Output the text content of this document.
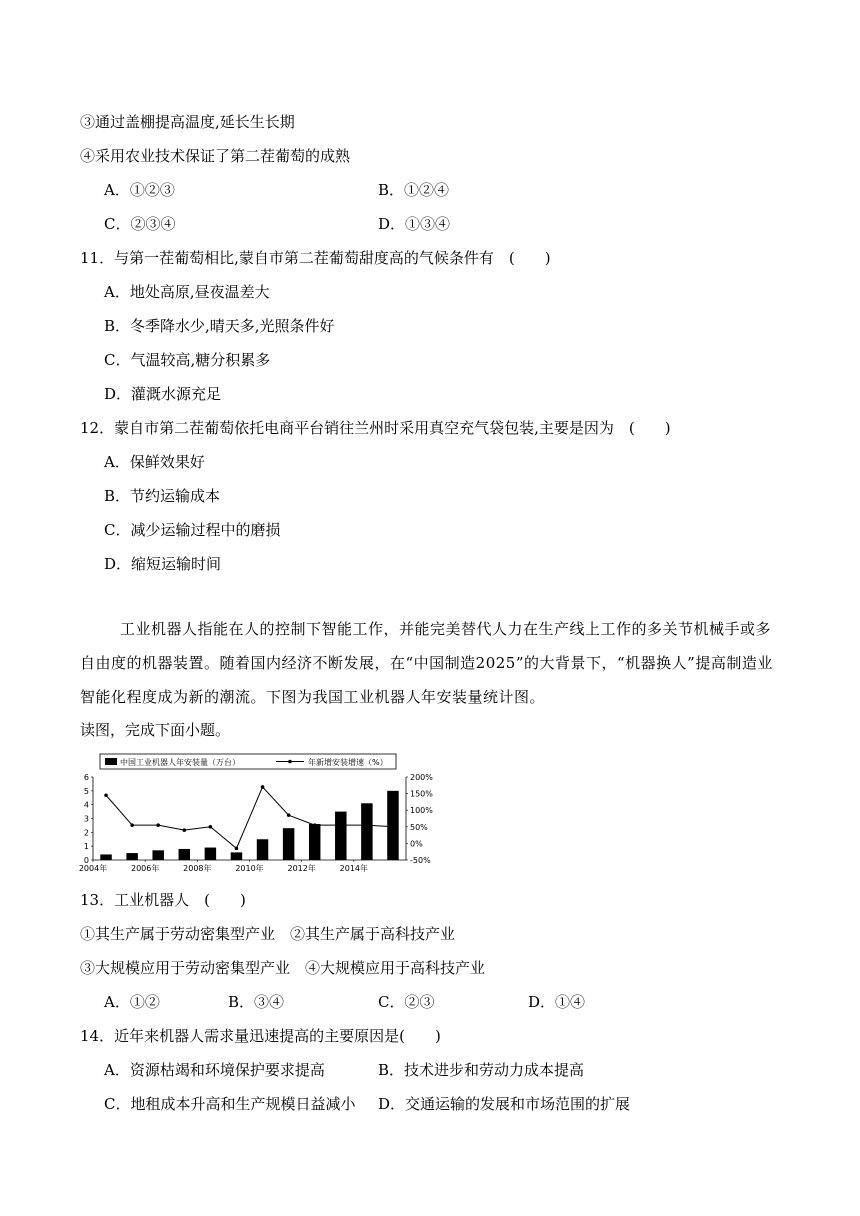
③通过盖棚提高温度,延长生长期
④采用农业技术保证了第二茬葡萄的成熟
A．①②③	B．①②④
C．②③④	D．①③④
11．与第一茬葡萄相比,蒙自市第二茬葡萄甜度高的气候条件有　(　　)
A．地处高原,昼夜温差大
B．冬季降水少,晴天多,光照条件好
C．气温较高,糖分积累多
D．灌溉水源充足
12．蒙自市第二茬葡萄依托电商平台销往兰州时采用真空充气袋包装,主要是因为　(　　)
A．保鲜效果好
B．节约运输成本
C．减少运输过程中的磨损
D．缩短运输时间

工业机器人指能在人的控制下智能工作，并能完美替代人力在生产线上工作的多关节机械手或多自由度的机器装置。随着国内经济不断发展，在“中国制造2025”的大背景下，“机器换人”提高制造业智能化程度成为新的潮流。下图为我国工业机器人年安装量统计图。

读图，完成下面小题。
中国工业机器人年安装量（万台）	年新增安装增速（%）
0
1
2
3
4
5
6
-50%
0%
50%
100%
150%
200%
2004年	2006年	2008年	2010年	2012年	2014年
13．工业机器人　(　　)
①其生产属于劳动密集型产业　②其生产属于高科技产业
③大规模应用于劳动密集型产业　④大规模应用于高科技产业
A．①②	B．③④	C．②③	D．①④
14．近年来机器人需求量迅速提高的主要原因是(　　)
A．资源枯竭和环境保护要求提高	B．技术进步和劳动力成本提高
C．地租成本升高和生产规模日益减小 D．交通运输的发展和市场范围的扩展
